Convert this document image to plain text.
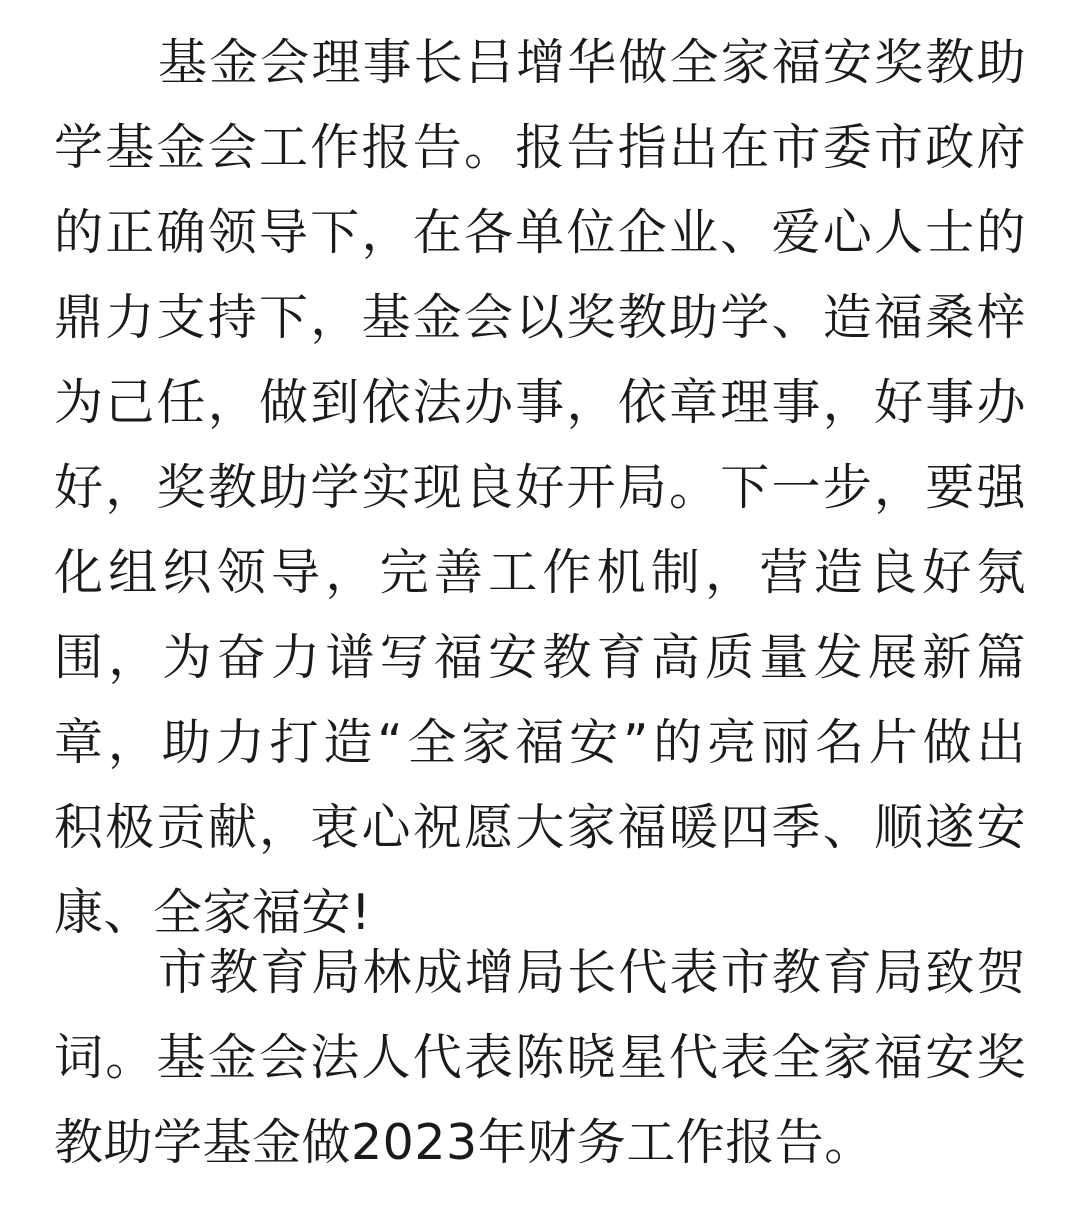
基金会理事长吕增华做全家福安奖教助
学基金会工作报告。报告指出在市委市政府
的正确领导下，在各单位企业、爱心人士的
鼎力支持下，基金会以奖教助学、造福桑梓
为己任，做到依法办事，依章理事，好事办
好，奖教助学实现良好开局。下一步，要强
化组织领导，完善工作机制，营造良好氛
围，为奋力谱写福安教育高质量发展新篇
章，助力打造“全家福安”的亮丽名片做出
积极贡献，衷心祝愿大家福暖四季、顺遂安
康、全家福安!
市教育局林成增局长代表市教育局致贺
词。基金会法人代表陈晓星代表全家福安奖
教助学基金做2023年财务工作报告。
